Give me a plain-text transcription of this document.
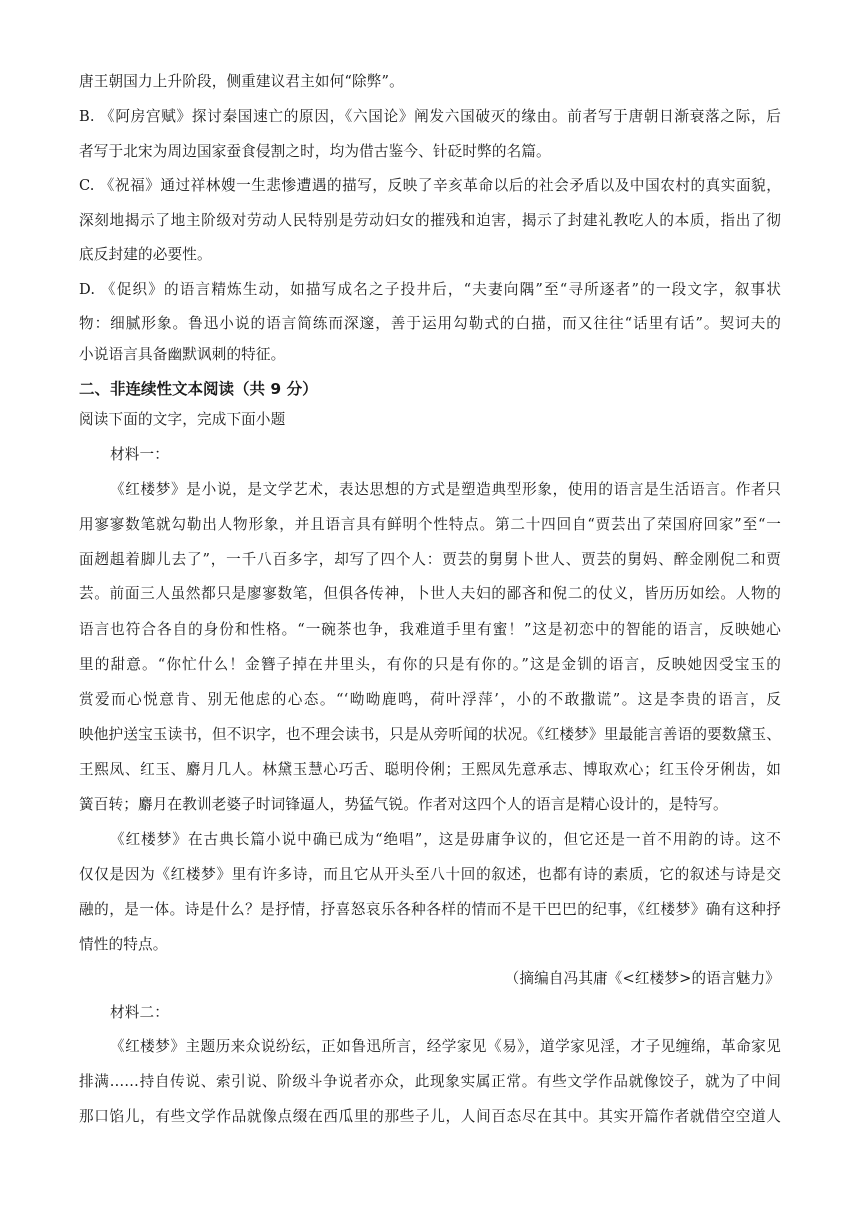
唐王朝国力上升阶段，侧重建议君主如何“除弊”。
B. 《阿房宫赋》探讨秦国速亡的原因，《六国论》阐发六国破灭的缘由。前者写于唐朝日渐衰落之际，后
者写于北宋为周边国家蚕食侵割之时，均为借古鉴今、针砭时弊的名篇。
C. 《祝福》通过祥林嫂一生悲惨遭遇的描写，反映了辛亥革命以后的社会矛盾以及中国农村的真实面貌，
深刻地揭示了地主阶级对劳动人民特别是劳动妇女的摧残和迫害，揭示了封建礼教吃人的本质，指出了彻
底反封建的必要性。
D. 《促织》的语言精炼生动，如描写成名之子投井后，“夫妻向隅”至“寻所逐者”的一段文字，叙事状
物：细腻形象。鲁迅小说的语言简练而深邃，善于运用勾勒式的白描，而又往往“话里有话”。契诃夫的
小说语言具备幽默讽刺的特征。
二、非连续性文本阅读（共 9 分）
阅读下面的文字，完成下面小题
材料一：
《红楼梦》是小说，是文学艺术，表达思想的方式是塑造典型形象，使用的语言是生活语言。作者只
用寥寥数笔就勾勒出人物形象，并且语言具有鲜明个性特点。第二十四回自“贾芸出了荣国府回家”至“一
面趔趄着脚儿去了”，一千八百多字，却写了四个人：贾芸的舅舅卜世人、贾芸的舅妈、醉金刚倪二和贾
芸。前面三人虽然都只是廖寥数笔，但俱各传神，卜世人夫妇的鄙吝和倪二的仗义，皆历历如绘。人物的
语言也符合各自的身份和性格。“一碗茶也争，我难道手里有蜜！”这是初恋中的智能的语言，反映她心
里的甜意。“你忙什么！金簪子掉在井里头，有你的只是有你的。”这是金钏的语言，反映她因受宝玉的
赏爱而心悦意肯、别无他虑的心态。“‘呦呦鹿鸣，荷叶浮萍’，小的不敢撒谎”。这是李贵的语言，反
映他护送宝玉读书，但不识字，也不理会读书，只是从旁听闻的状况。《红楼梦》里最能言善语的要数黛玉、
王熙凤、红玉、麝月几人。林黛玉慧心巧舌、聪明伶俐；王熙凤先意承志、博取欢心；红玉伶牙俐齿，如
簧百转；麝月在教训老婆子时词锋逼人，势猛气锐。作者对这四个人的语言是精心设计的，是特写。
《红楼梦》在古典长篇小说中确已成为“绝唱”，这是毋庸争议的，但它还是一首不用韵的诗。这不
仅仅是因为《红楼梦》里有许多诗，而且它从开头至八十回的叙述，也都有诗的素质，它的叙述与诗是交
融的，是一体。诗是什么？是抒情，抒喜怒哀乐各种各样的情而不是干巴巴的纪事，《红楼梦》确有这种抒
情性的特点。
（摘编自冯其庸《<红楼梦>的语言魅力》
材料二：
《红楼梦》主题历来众说纷纭，正如鲁迅所言，经学家见《易》，道学家见淫，才子见缠绵，革命家见
排满……持自传说、索引说、阶级斗争说者亦众，此现象实属正常。有些文学作品就像饺子，就为了中间
那口馅儿，有些文学作品就像点缀在西瓜里的那些子儿，人间百态尽在其中。其实开篇作者就借空空道人
